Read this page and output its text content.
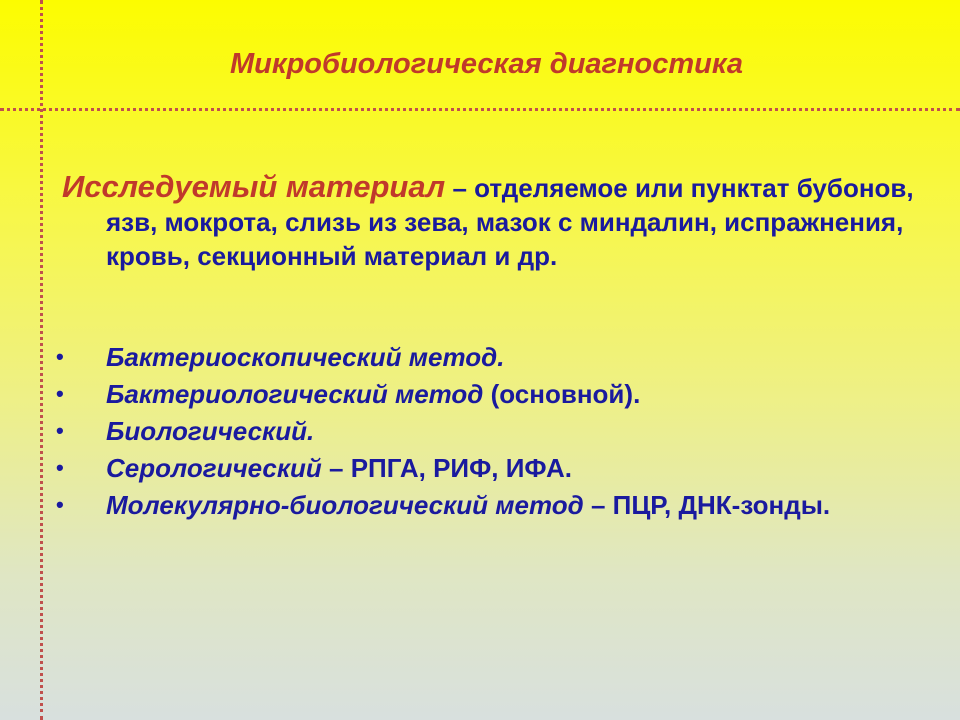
Микробиологическая диагностика

Исследуемый материал – отделяемое или пунктат бубонов, язв, мокрота, слизь из зева, мазок с миндалин, испражнения, кровь, секционный материал и др.

• Бактериоскопический метод.
• Бактериологический метод (основной).
• Биологический.
• Серологический – РПГА, РИФ, ИФА.
• Молекулярно-биологический метод – ПЦР, ДНК-зонды.
